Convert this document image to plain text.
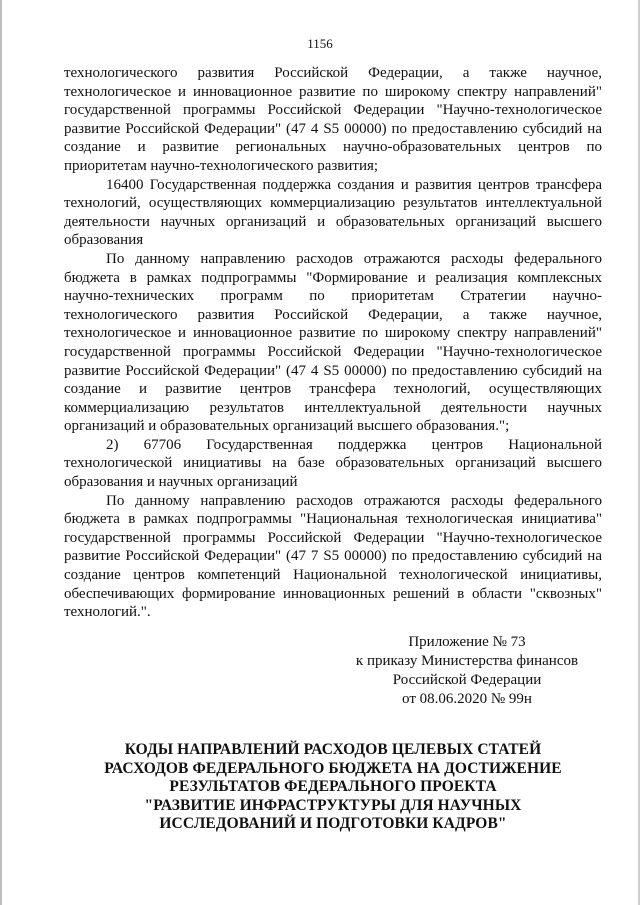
1156

технологического развития Российской Федерации, а также научное, технологическое и инновационное развитие по широкому спектру направлений" государственной программы Российской Федерации "Научно-технологическое развитие Российской Федерации" (47 4 S5 00000) по предоставлению субсидий на создание и развитие региональных научно-образовательных центров по приоритетам научно-технологического развития;

16400 Государственная поддержка создания и развития центров трансфера технологий, осуществляющих коммерциализацию результатов интеллектуальной деятельности научных организаций и образовательных организаций высшего образования

По данному направлению расходов отражаются расходы федерального бюджета в рамках подпрограммы "Формирование и реализация комплексных научно-технических программ по приоритетам Стратегии научно-технологического развития Российской Федерации, а также научное, технологическое и инновационное развитие по широкому спектру направлений" государственной программы Российской Федерации "Научно-технологическое развитие Российской Федерации" (47 4 S5 00000) по предоставлению субсидий на создание и развитие центров трансфера технологий, осуществляющих коммерциализацию результатов интеллектуальной деятельности научных организаций и образовательных организаций высшего образования.";

2) 67706 Государственная поддержка центров Национальной технологической инициативы на базе образовательных организаций высшего образования и научных организаций

По данному направлению расходов отражаются расходы федерального бюджета в рамках подпрограммы "Национальная технологическая инициатива" государственной программы Российской Федерации "Научно-технологическое развитие Российской Федерации" (47 7 S5 00000) по предоставлению субсидий на создание центров компетенций Национальной технологической инициативы, обеспечивающих формирование инновационных решений в области "сквозных" технологий.".

Приложение № 73
к приказу Министерства финансов
Российской Федерации
от 08.06.2020 № 99н
КОДЫ НАПРАВЛЕНИЙ РАСХОДОВ ЦЕЛЕВЫХ СТАТЕЙ
РАСХОДОВ ФЕДЕРАЛЬНОГО БЮДЖЕТА НА ДОСТИЖЕНИЕ
РЕЗУЛЬТАТОВ ФЕДЕРАЛЬНОГО ПРОЕКТА
"РАЗВИТИЕ ИНФРАСТРУКТУРЫ ДЛЯ НАУЧНЫХ
ИССЛЕДОВАНИЙ И ПОДГОТОВКИ КАДРОВ"
